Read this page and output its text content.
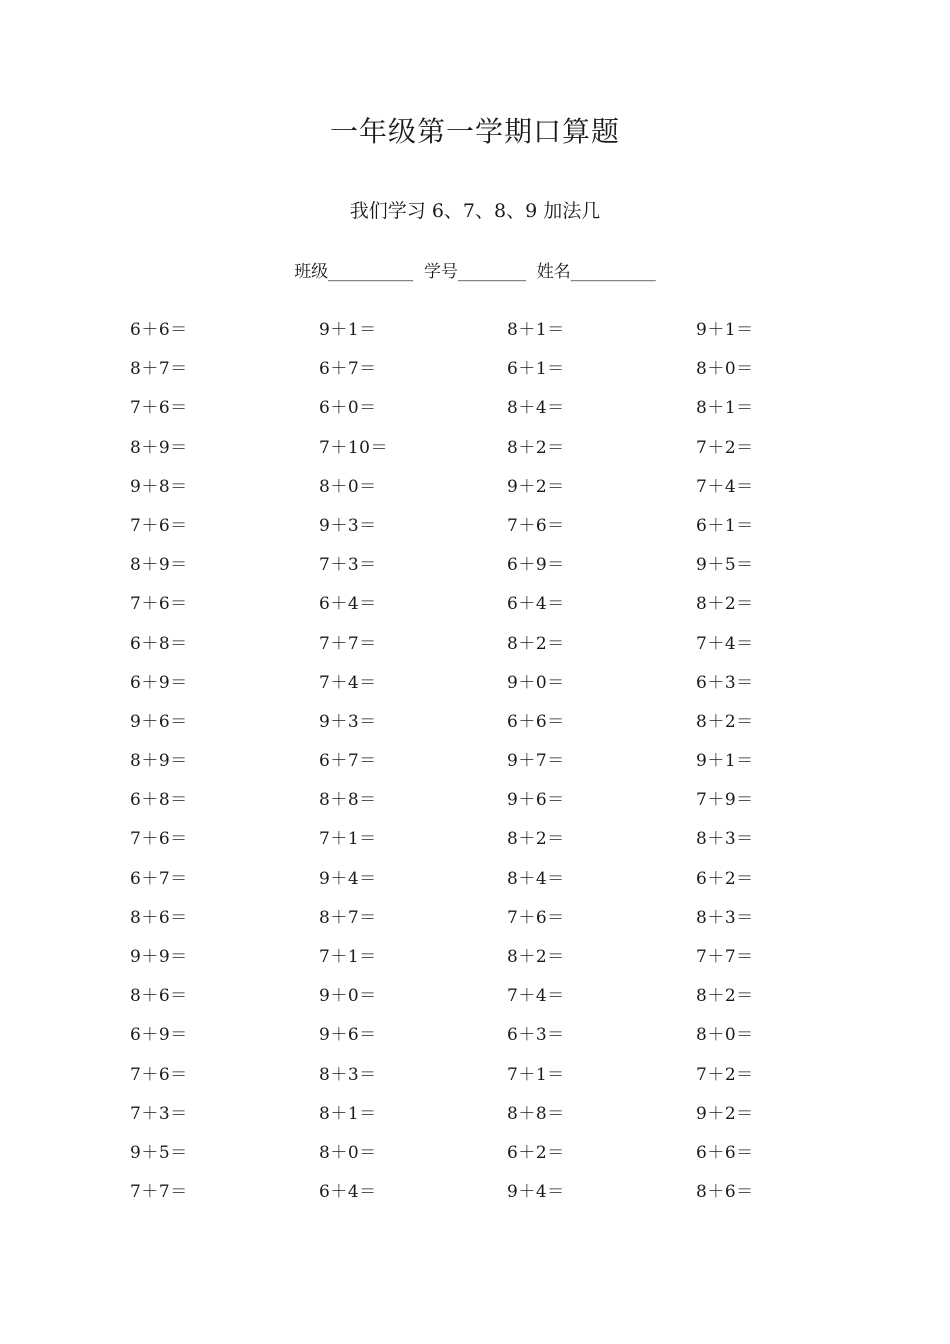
一年级第一学期口算题
我们学习 6、7、8、9 加法几
班级__________  学号________  姓名__________
6＋6＝	9＋1＝	8＋1＝	9＋1＝
8＋7＝	6＋7＝	6＋1＝	8＋0＝
7＋6＝	6＋0＝	8＋4＝	8＋1＝
8＋9＝	7＋10＝	8＋2＝	7＋2＝
9＋8＝	8＋0＝	9＋2＝	7＋4＝
7＋6＝	9＋3＝	7＋6＝	6＋1＝
8＋9＝	7＋3＝	6＋9＝	9＋5＝
7＋6＝	6＋4＝	6＋4＝	8＋2＝
6＋8＝	7＋7＝	8＋2＝	7＋4＝
6＋9＝	7＋4＝	9＋0＝	6＋3＝
9＋6＝	9＋3＝	6＋6＝	8＋2＝
8＋9＝	6＋7＝	9＋7＝	9＋1＝
6＋8＝	8＋8＝	9＋6＝	7＋9＝
7＋6＝	7＋1＝	8＋2＝	8＋3＝
6＋7＝	9＋4＝	8＋4＝	6＋2＝
8＋6＝	8＋7＝	7＋6＝	8＋3＝
9＋9＝	7＋1＝	8＋2＝	7＋7＝
8＋6＝	9＋0＝	7＋4＝	8＋2＝
6＋9＝	9＋6＝	6＋3＝	8＋0＝
7＋6＝	8＋3＝	7＋1＝	7＋2＝
7＋3＝	8＋1＝	8＋8＝	9＋2＝
9＋5＝	8＋0＝	6＋2＝	6＋6＝
7＋7＝	6＋4＝	9＋4＝	8＋6＝
